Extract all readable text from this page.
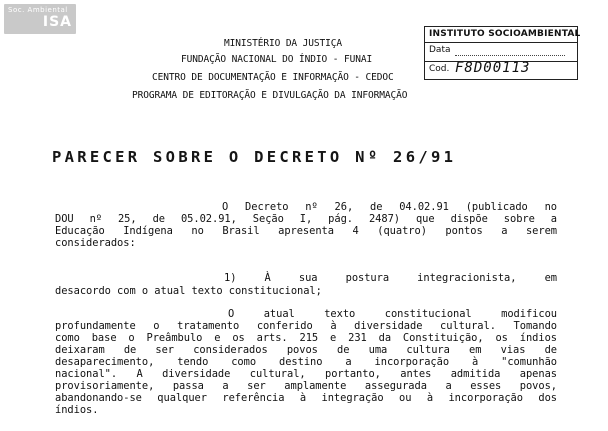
Soc. Ambiental
ISA
INSTITUTO SOCIOAMBIENTAL
Data
Cod. F8D00113
MINISTÉRIO DA JUSTIÇA
FUNDAÇÃO NACIONAL DO ÍNDIO - FUNAI
CENTRO DE DOCUMENTAÇÃO E INFORMAÇÃO - CEDOC
PROGRAMA DE EDITORAÇÃO E DIVULGAÇÃO DA INFORMAÇÃO
PARECER SOBRE O DECRETO Nº 26/91
O Decreto nº 26, de 04.02.91 (publicado no
DOU nº 25, de 05.02.91, Seção I, pág. 2487) que dispõe sobre a
Educação Indígena no Brasil apresenta 4 (quatro) pontos a serem
considerados:
1) À sua postura integracionista, em
desacordo com o atual texto constitucional;
O atual texto constitucional modificou
profundamente o tratamento conferido à diversidade cultural. Tomando
como base o Preâmbulo e os arts. 215 e 231 da Constituição, os índios
deixaram de ser considerados povos de uma cultura em vias de
desaparecimento, tendo como destino a incorporação à "comunhão
nacional". A diversidade cultural, portanto, antes admitida apenas
provisoriamente, passa a ser amplamente assegurada a esses povos,
abandonando-se qualquer referência à integração ou à incorporação dos
índios.
